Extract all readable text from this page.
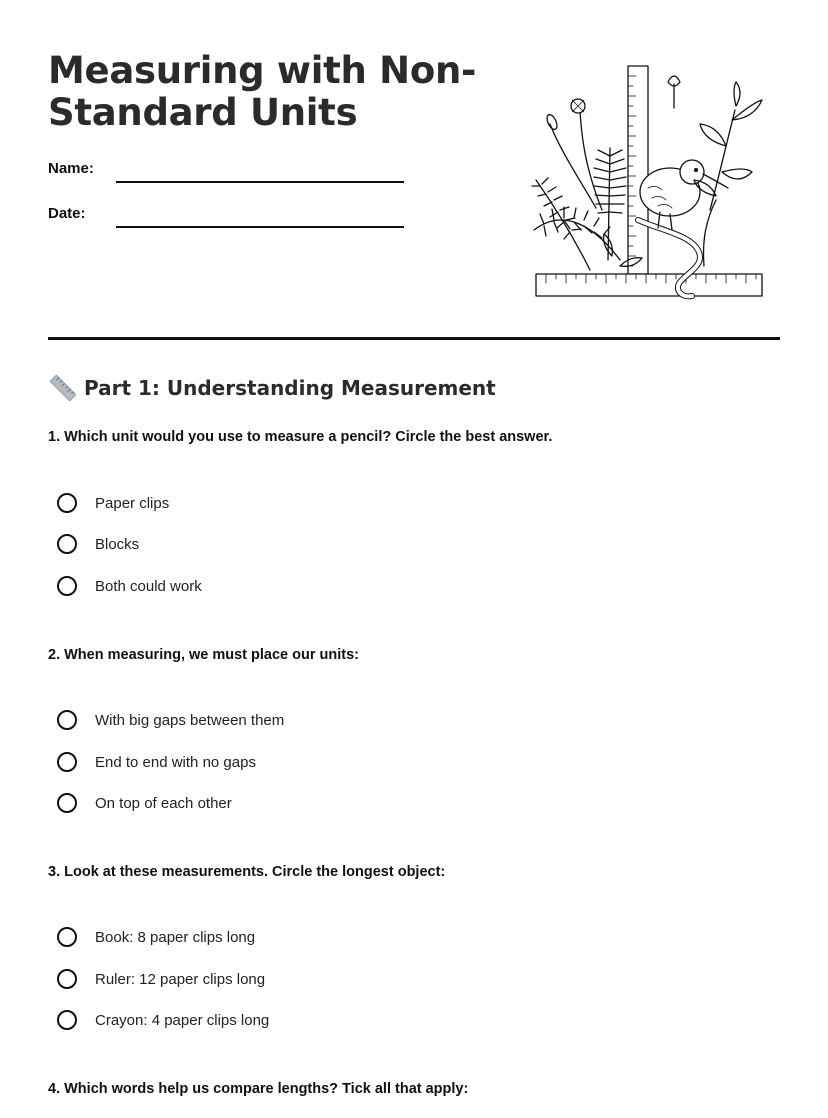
Measuring with Non-Standard Units
Name:
Date:
Part 1: Understanding Measurement

1. Which unit would you use to measure a pencil? Circle the best answer.

Paper clips
Blocks
Both could work

2. When measuring, we must place our units:

With big gaps between them
End to end with no gaps
On top of each other

3. Look at these measurements. Circle the longest object:

Book: 8 paper clips long
Ruler: 12 paper clips long
Crayon: 4 paper clips long

4. Which words help us compare lengths? Tick all that apply:
